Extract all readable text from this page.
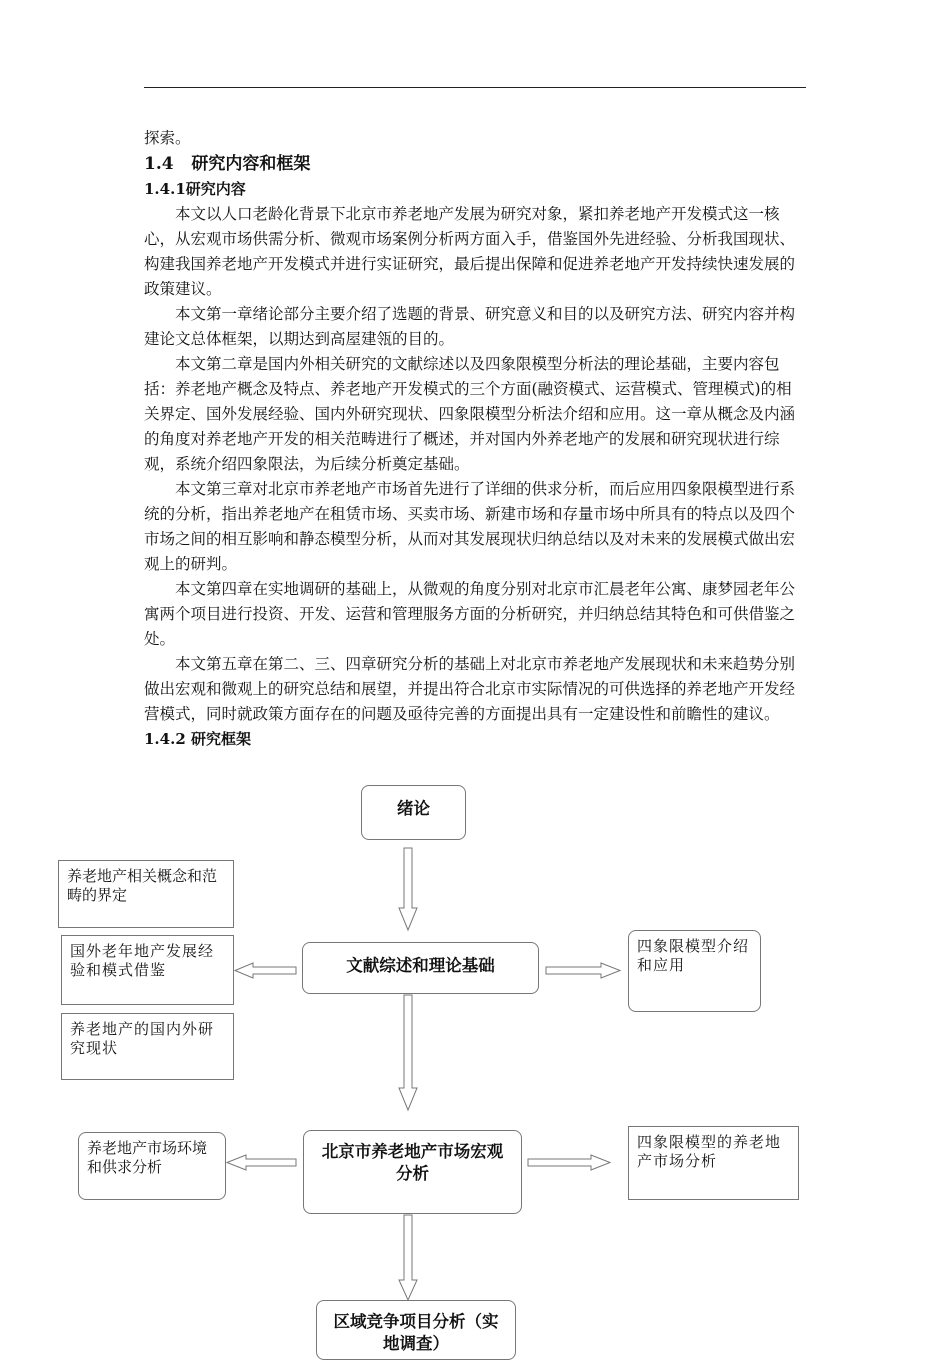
探索。

1.4 研究内容和框架

1.4.1研究内容

本文以人口老龄化背景下北京市养老地产发展为研究对象，紧扣养老地产开发模式这一核心，从宏观市场供需分析、微观市场案例分析两方面入手，借鉴国外先进经验、分析我国现状、构建我国养老地产开发模式并进行实证研究，最后提出保障和促进养老地产开发持续快速发展的政策建议。

本文第一章绪论部分主要介绍了选题的背景、研究意义和目的以及研究方法、研究内容并构建论文总体框架，以期达到高屋建瓴的目的。

本文第二章是国内外相关研究的文献综述以及四象限模型分析法的理论基础，主要内容包括：养老地产概念及特点、养老地产开发模式的三个方面(融资模式、运营模式、管理模式)的相关界定、国外发展经验、国内外研究现状、四象限模型分析法介绍和应用。这一章从概念及内涵的角度对养老地产开发的相关范畴进行了概述，并对国内外养老地产的发展和研究现状进行综观，系统介绍四象限法，为后续分析奠定基础。

本文第三章对北京市养老地产市场首先进行了详细的供求分析，而后应用四象限模型进行系统的分析，指出养老地产在租赁市场、买卖市场、新建市场和存量市场中所具有的特点以及四个市场之间的相互影响和静态模型分析，从而对其发展现状归纳总结以及对未来的发展模式做出宏观上的研判。

本文第四章在实地调研的基础上，从微观的角度分别对北京市汇晨老年公寓、康梦园老年公寓两个项目进行投资、开发、运营和管理服务方面的分析研究，并归纳总结其特色和可供借鉴之处。

本文第五章在第二、三、四章研究分析的基础上对北京市养老地产发展现状和未来趋势分别做出宏观和微观上的研究总结和展望，并提出符合北京市实际情况的可供选择的养老地产开发经营模式，同时就政策方面存在的问题及亟待完善的方面提出具有一定建设性和前瞻性的建议。

1.4.2 研究框架

绪论
养老地产相关概念和范畴的界定
国外老年地产发展经验和模式借鉴
养老地产的国内外研究现状
文献综述和理论基础
四象限模型介绍和应用
养老地产市场环境和供求分析
北京市养老地产市场宏观分析
四象限模型的养老地产市场分析
区域竞争项目分析（实地调查）
